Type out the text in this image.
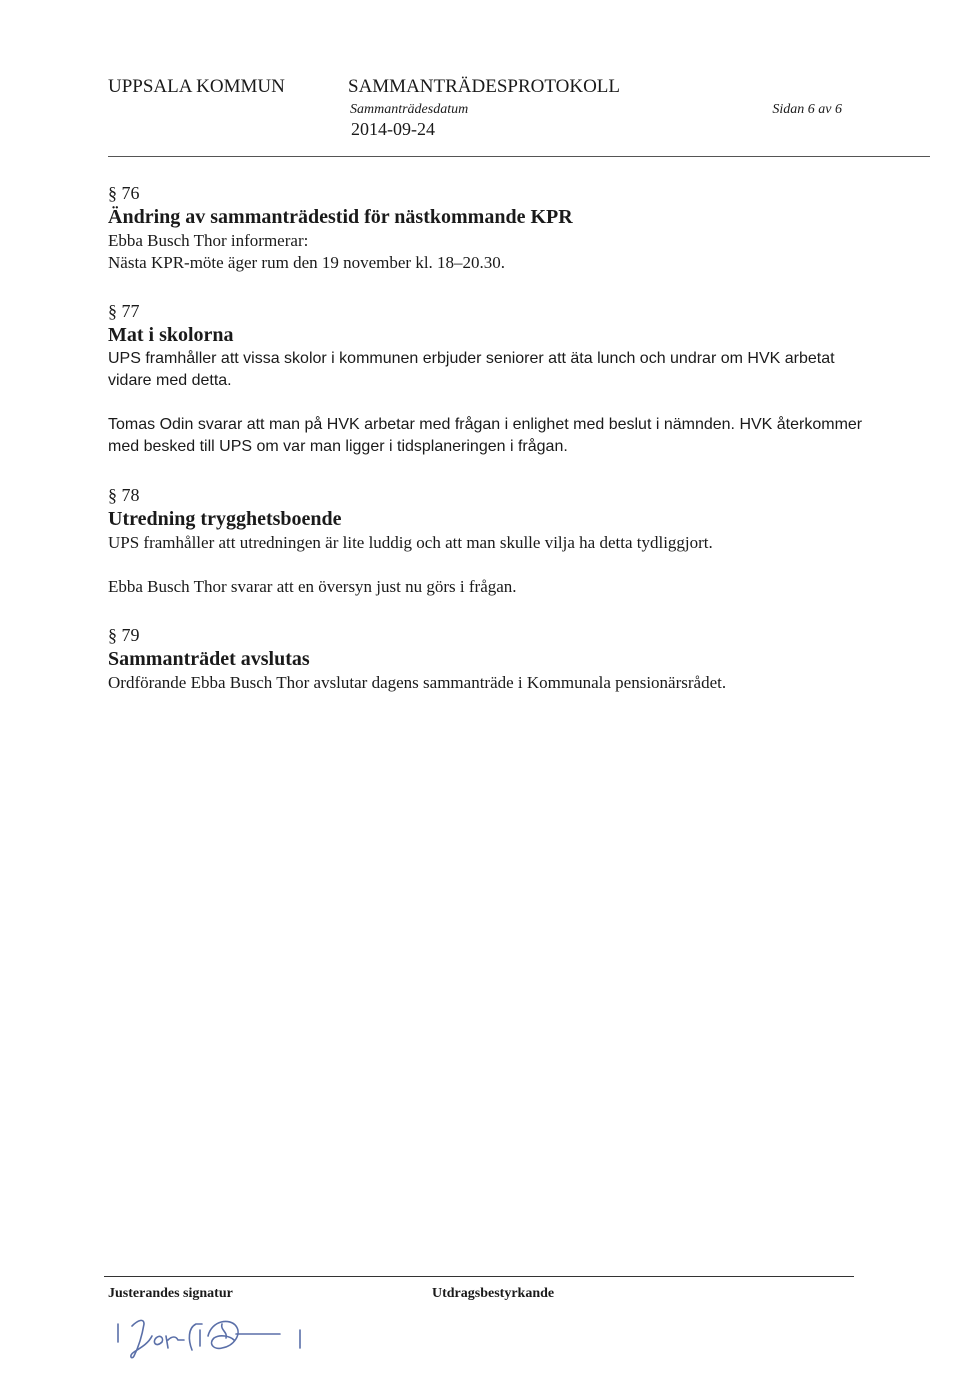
UPPSALA KOMMUN	SAMMANTRÄDESPROTOKOLL
Sammanträdesdatum
2014-09-24
Sidan 6 av 6
§ 76
Ändring av sammanträdestid för nästkommande KPR

Ebba Busch Thor informerar:

Nästa KPR-möte äger rum den 19 november kl. 18–20.30.

§ 77
Mat i skolorna

UPS framhåller att vissa skolor i kommunen erbjuder seniorer att äta lunch och undrar om HVK arbetat vidare med detta.

Tomas Odin svarar att man på HVK arbetar med frågan i enlighet med beslut i nämnden. HVK återkommer med besked till UPS om var man ligger i tidsplaneringen i frågan.

§ 78
Utredning trygghetsboende

UPS framhåller att utredningen är lite luddig och att man skulle vilja ha detta tydliggjort.

Ebba Busch Thor svarar att en översyn just nu görs i frågan.

§ 79
Sammanträdet avslutas

Ordförande Ebba Busch Thor avslutar dagens sammanträde i Kommunala pensionärsrådet.

Justerandes signatur	Utdragsbestyrkande
